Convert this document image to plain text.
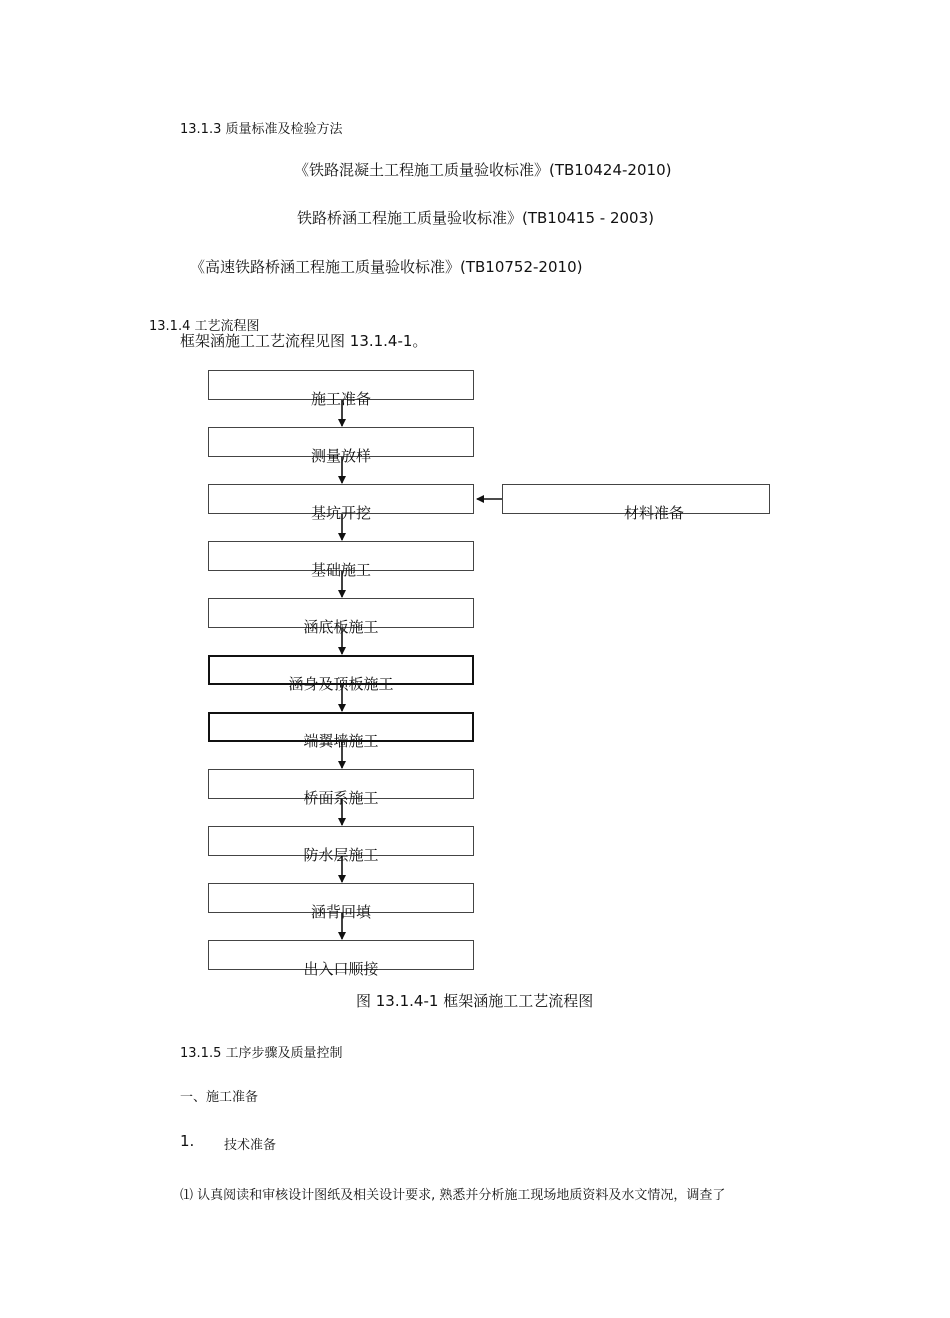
13.1.3 质量标准及检验方法
《铁路混凝土工程施工质量验收标准》(TB10424-2010)
铁路桥涵工程施工质量验收标准》(TB10415 - 2003)
《高速铁路桥涵工程施工质量验收标准》(TB10752-2010)
13.1.4 工艺流程图
框架涵施工工艺流程见图 13.1.4-1。
施工准备
测量放样
基坑开挖
基础施工
涵底板施工
涵身及顶板施工
端翼墙施工
桥面系施工
防水层施工
涵背回填
出入口顺接
材料准备
图 13.1.4-1 框架涵施工工艺流程图
13.1.5 工序步骤及质量控制
一、施工准备
1. 技术准备
⑴ 认真阅读和审核设计图纸及相关设计要求, 熟悉并分析施工现场地质资料及水文情况，调查了
